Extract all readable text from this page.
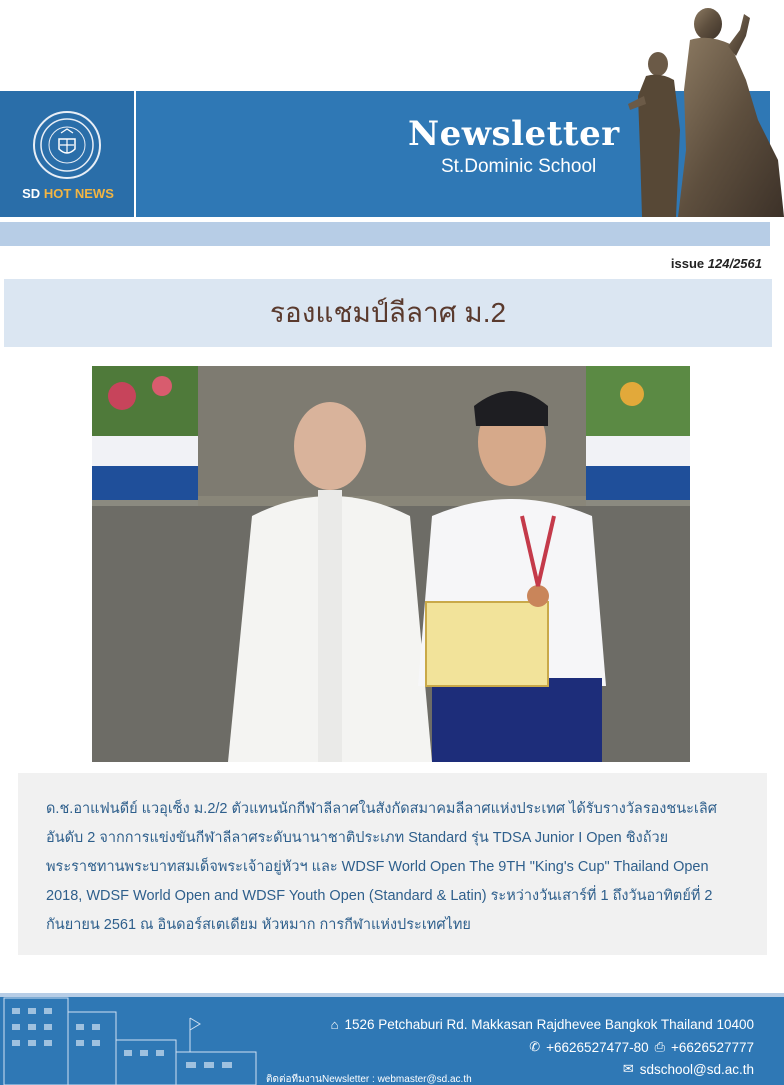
SD HOT NEWS
Newsletter
St.Dominic School
issue 124/2561
รองแชมป์ลีลาศ ม.2

ด.ช.อาแฟนดีย์ แวอุเซ็ง ม.2/2 ตัวแทนนักกีฬาลีลาศในสังกัดสมาคมลีลาศแห่งประเทศ ได้รับรางวัลรองชนะเลิศอันดับ 2 จากการแข่งขันกีฬาลีลาศระดับนานาชาติประเภท Standard รุ่น TDSA Junior I Open ชิงถ้วยพระราชทานพระบาทสมเด็จพระเจ้าอยู่หัวฯ และ WDSF World Open The 9TH "King's Cup" Thailand Open 2018, WDSF World Open and WDSF Youth Open (Standard & Latin) ระหว่างวันเสาร์ที่ 1 ถึงวันอาทิตย์ที่ 2 กันยายน 2561 ณ อินดอร์สเตเดียม หัวหมาก การกีฬาแห่งประเทศไทย

⌂ 1526 Petchaburi Rd. Makkasan Rajdhevee Bangkok Thailand 10400
✆ +6626527477-80 ⎙ +6626527777
✉ sdschool@sd.ac.th
ติดต่อทีมงานNewsletter : webmaster@sd.ac.th
